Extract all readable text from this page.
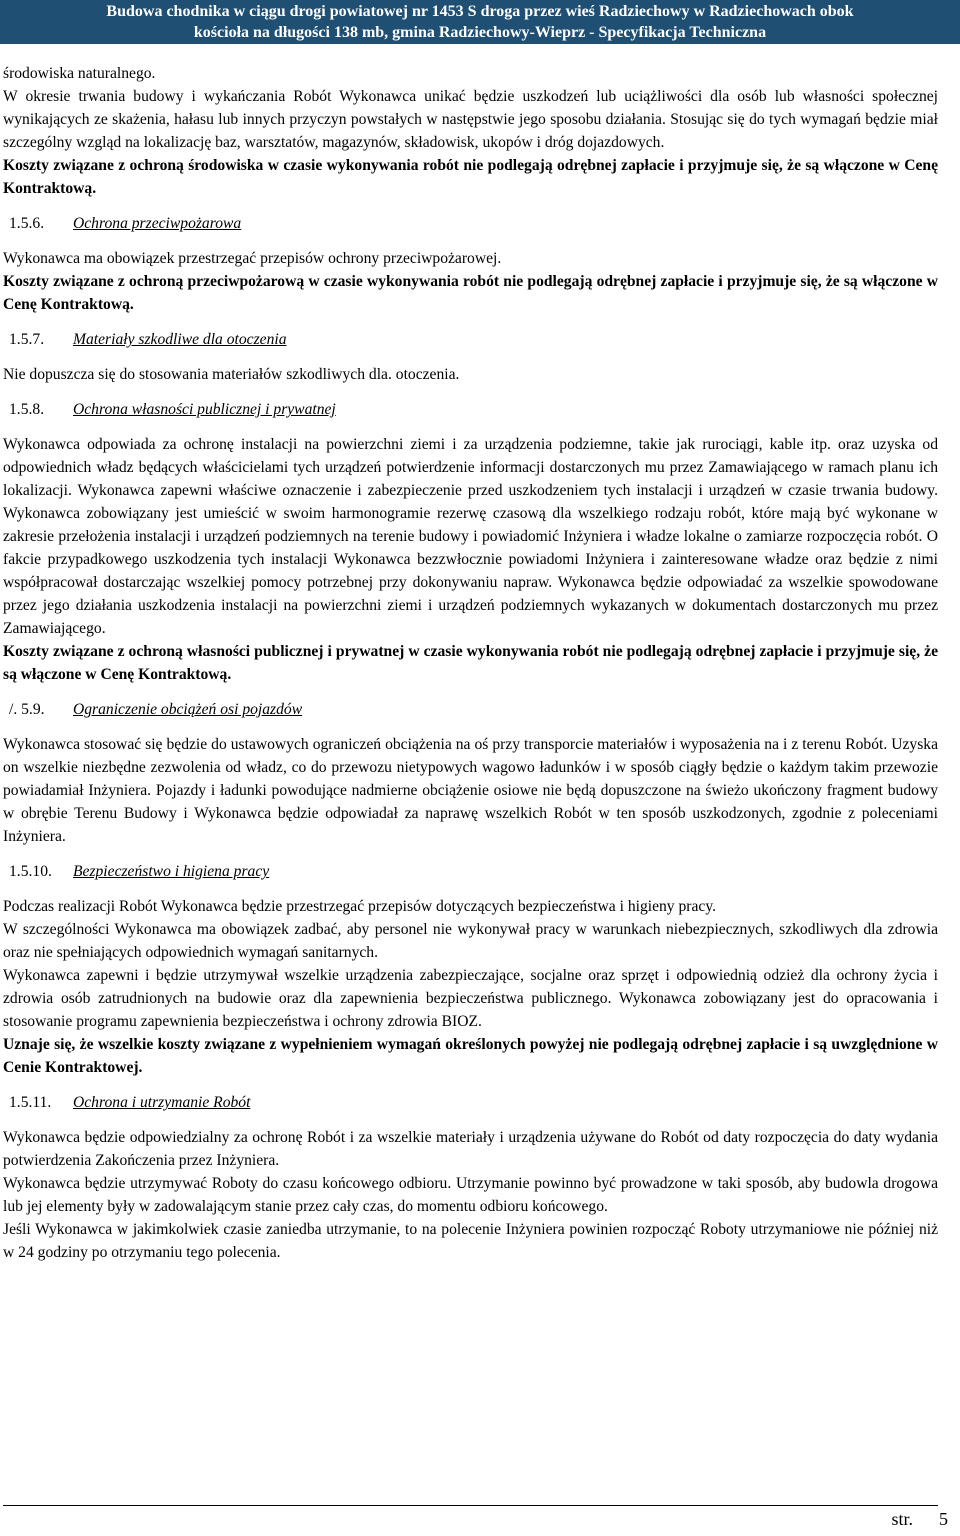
Budowa chodnika w ciągu drogi powiatowej nr 1453 S droga przez wieś Radziechowy w Radziechowach obok
kościoła na długości 138 mb, gmina Radziechowy-Wieprz - Specyfikacja Techniczna

środowiska naturalnego.

W okresie trwania budowy i wykańczania Robót Wykonawca unikać będzie uszkodzeń lub uciążliwości dla osób lub własności społecznej wynikających ze skażenia, hałasu lub innych przyczyn powstałych w następstwie jego sposobu działania. Stosując się do tych wymagań będzie miał szczególny wzgląd na lokalizację baz, warsztatów, magazynów, składowisk, ukopów i dróg dojazdowych.

Koszty związane z ochroną środowiska w czasie wykonywania robót nie podlegają odrębnej zapłacie i przyjmuje się, że są włączone w Cenę Kontraktową.

1.5.6.	Ochrona przeciwpożarowa

Wykonawca ma obowiązek przestrzegać przepisów ochrony przeciwpożarowej.

Koszty związane z ochroną przeciwpożarową w czasie wykonywania robót nie podlegają odrębnej zapłacie i przyjmuje się, że są włączone w Cenę Kontraktową.

1.5.7.	Materiały szkodliwe dla otoczenia

Nie dopuszcza się do stosowania materiałów szkodliwych dla. otoczenia.

1.5.8.	Ochrona własności publicznej i prywatnej

Wykonawca odpowiada za ochronę instalacji na powierzchni ziemi i za urządzenia podziemne, takie jak rurociągi, kable itp. oraz uzyska od odpowiednich władz będących właścicielami tych urządzeń potwierdzenie informacji dostarczonych mu przez Zamawiającego w ramach planu ich lokalizacji. Wykonawca zapewni właściwe oznaczenie i zabezpieczenie przed uszkodzeniem tych instalacji i urządzeń w czasie trwania budowy. Wykonawca zobowiązany jest umieścić w swoim harmonogramie rezerwę czasową dla wszelkiego rodzaju robót, które mają być wykonane w zakresie przełożenia instalacji i urządzeń podziemnych na terenie budowy i powiadomić Inżyniera i władze lokalne o zamiarze rozpoczęcia robót. O fakcie przypadkowego uszkodzenia tych instalacji Wykonawca bezzwłocznie powiadomi Inżyniera i zainteresowane władze oraz będzie z nimi współpracował dostarczając wszelkiej pomocy potrzebnej przy dokonywaniu napraw. Wykonawca będzie odpowiadać za wszelkie spowodowane przez jego działania uszkodzenia instalacji na powierzchni ziemi i urządzeń podziemnych wykazanych w dokumentach dostarczonych mu przez Zamawiającego.

Koszty związane z ochroną własności publicznej i prywatnej w czasie wykonywania robót nie podlegają odrębnej zapłacie i przyjmuje się, że są włączone w Cenę Kontraktową.

/. 5.9.	Ograniczenie obciążeń osi pojazdów

Wykonawca stosować się będzie do ustawowych ograniczeń obciążenia na oś przy transporcie materiałów i wyposażenia na i z terenu Robót. Uzyska on wszelkie niezbędne zezwolenia od władz, co do przewozu nietypowych wagowo ładunków i w sposób ciągły będzie o każdym takim przewozie powiadamiał Inżyniera. Pojazdy i ładunki powodujące nadmierne obciążenie osiowe nie będą dopuszczone na świeżo ukończony fragment budowy w obrębie Terenu Budowy i Wykonawca będzie odpowiadał za naprawę wszelkich Robót w ten sposób uszkodzonych, zgodnie z poleceniami Inżyniera.

1.5.10.	Bezpieczeństwo i higiena pracy

Podczas realizacji Robót Wykonawca będzie przestrzegać przepisów dotyczących bezpieczeństwa i higieny pracy.

W szczególności Wykonawca ma obowiązek zadbać, aby personel nie wykonywał pracy w warunkach niebezpiecznych, szkodliwych dla zdrowia oraz nie spełniających odpowiednich wymagań sanitarnych.

Wykonawca zapewni i będzie utrzymywał wszelkie urządzenia zabezpieczające, socjalne oraz sprzęt i odpowiednią odzież dla ochrony życia i zdrowia osób zatrudnionych na budowie oraz dla zapewnienia bezpieczeństwa publicznego. Wykonawca zobowiązany jest do opracowania i stosowanie programu zapewnienia bezpieczeństwa i ochrony zdrowia BIOZ.

Uznaje się, że wszelkie koszty związane z wypełnieniem wymagań określonych powyżej nie podlegają odrębnej zapłacie i są uwzględnione w Cenie Kontraktowej.

1.5.11.	Ochrona i utrzymanie Robót

Wykonawca będzie odpowiedzialny za ochronę Robót i za wszelkie materiały i urządzenia używane do Robót od daty rozpoczęcia do daty wydania potwierdzenia Zakończenia przez Inżyniera.

Wykonawca będzie utrzymywać Roboty do czasu końcowego odbioru. Utrzymanie powinno być prowadzone w taki sposób, aby budowla drogowa lub jej elementy były w zadowalającym stanie przez cały czas, do momentu odbioru końcowego.

Jeśli Wykonawca w jakimkolwiek czasie zaniedba utrzymanie, to na polecenie Inżyniera powinien rozpocząć Roboty utrzymaniowe nie później niż w 24 godziny po otrzymaniu tego polecenia.

str. 5
